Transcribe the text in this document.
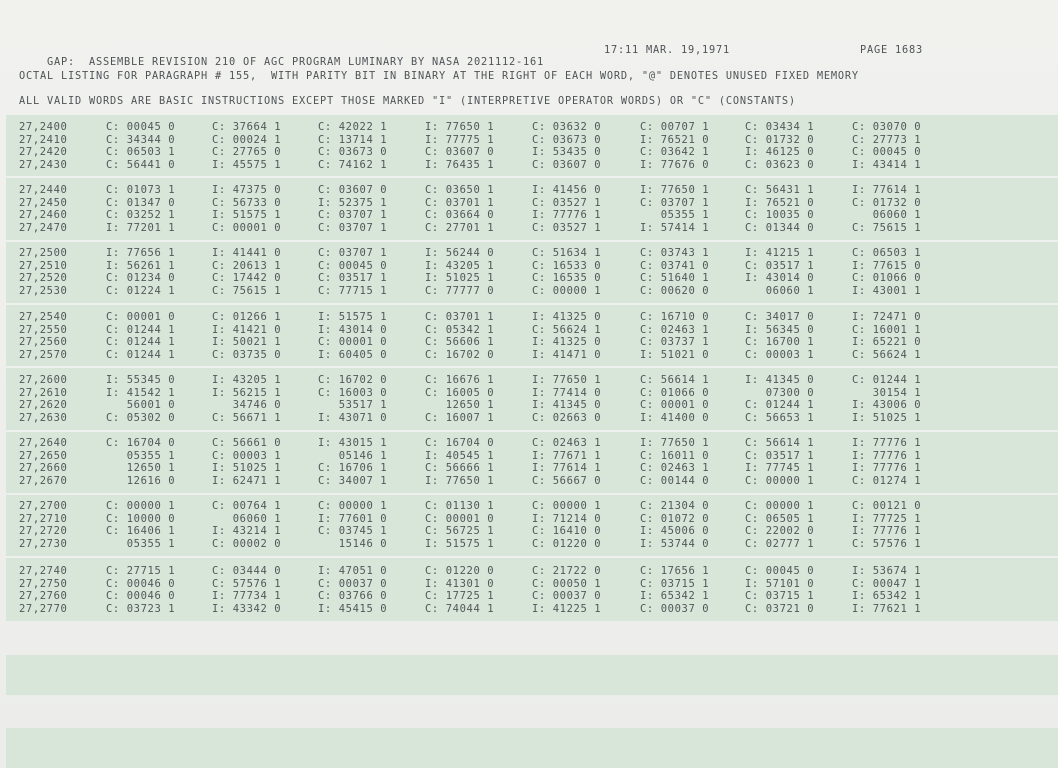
GAP:  ASSEMBLE REVISION 210 OF AGC PROGRAM LUMINARY BY NASA 2021112-161

17:11 MAR. 19,1971	PAGE 1683
OCTAL LISTING FOR PARAGRAPH # 155,  WITH PARITY BIT IN BINARY AT THE RIGHT OF EACH WORD, "@" DENOTES UNUSED FIXED MEMORY
ALL VALID WORDS ARE BASIC INSTRUCTIONS EXCEPT THOSE MARKED "I" (INTERPRETIVE OPERATOR WORDS) OR "C" (CONSTANTS)
27,2400	C: 00045 0	C: 37664 1	C: 42022 1	I: 77650 1	C: 03632 0	C: 00707 1	C: 03434 1	C: 03070 0
27,2410	C: 34344 0	C: 00024 1	C: 13714 1	I: 77775 1	C: 03673 0	I: 76521 0	C: 01732 0	C: 27773 1
27,2420	C: 06503 1	C: 27765 0	C: 03673 0	C: 03607 0	I: 53435 0	C: 03642 1	I: 46125 0	C: 00045 0
27,2430	C: 56441 0	I: 45575 1	C: 74162 1	I: 76435 1	C: 03607 0	I: 77676 0	C: 03623 0	I: 43414 1
27,2440	C: 01073 1	I: 47375 0	C: 03607 0	C: 03650 1	I: 41456 0	I: 77650 1	C: 56431 1	I: 77614 1
27,2450	C: 01347 0	C: 56733 0	I: 52375 1	C: 03701 1	C: 03527 1	C: 03707 1	I: 76521 0	C: 01732 0
27,2460	C: 03252 1	I: 51575 1	C: 03707 1	C: 03664 0	I: 77776 1	05355 1	C: 10035 0	06060 1
27,2470	I: 77201 1	C: 00001 0	C: 03707 1	C: 27701 1	C: 03527 1	I: 57414 1	C: 01344 0	C: 75615 1
27,2500	I: 77656 1	I: 41441 0	C: 03707 1	I: 56244 0	C: 51634 1	C: 03743 1	I: 41215 1	C: 06503 1
27,2510	I: 56261 1	C: 20613 1	C: 00045 0	I: 43205 1	C: 16533 0	C: 03741 0	C: 03517 1	I: 77615 0
27,2520	C: 01234 0	C: 17442 0	C: 03517 1	I: 51025 1	C: 16535 0	C: 51640 1	I: 43014 0	C: 01066 0
27,2530	C: 01224 1	C: 75615 1	C: 77715 1	C: 77777 0	C: 00000 1	C: 00620 0	06060 1	I: 43001 1
27,2540	C: 00001 0	C: 01266 1	I: 51575 1	C: 03701 1	I: 41325 0	C: 16710 0	C: 34017 0	I: 72471 0
27,2550	C: 01244 1	I: 41421 0	I: 43014 0	C: 05342 1	C: 56624 1	C: 02463 1	I: 56345 0	C: 16001 1
27,2560	C: 01244 1	I: 50021 1	C: 00001 0	C: 56606 1	I: 41325 0	C: 03737 1	C: 16700 1	I: 65221 0
27,2570	C: 01244 1	C: 03735 0	I: 60405 0	C: 16702 0	I: 41471 0	I: 51021 0	C: 00003 1	C: 56624 1
27,2600	I: 55345 0	I: 43205 1	C: 16702 0	C: 16676 1	I: 77650 1	C: 56614 1	I: 41345 0	C: 01244 1
27,2610	I: 41542 1	I: 56215 1	C: 16003 0	C: 16005 0	I: 77414 0	C: 01066 0	07300 0	30154 1
27,2620	56001 0	34746 0	53517 1	12650 1	I: 41345 0	C: 00001 0	C: 01244 1	I: 43006 0
27,2630	C: 05302 0	C: 56671 1	I: 43071 0	C: 16007 1	C: 02663 0	I: 41400 0	C: 56653 1	I: 51025 1
27,2640	C: 16704 0	C: 56661 0	I: 43015 1	C: 16704 0	C: 02463 1	I: 77650 1	C: 56614 1	I: 77776 1
27,2650	05355 1	C: 00003 1	05146 1	I: 40545 1	I: 77671 1	C: 16011 0	C: 03517 1	I: 77776 1
27,2660	12650 1	I: 51025 1	C: 16706 1	C: 56666 1	I: 77614 1	C: 02463 1	I: 77745 1	I: 77776 1
27,2670	12616 0	I: 62471 1	C: 34007 1	I: 77650 1	C: 56667 0	C: 00144 0	C: 00000 1	C: 01274 1
27,2700	C: 00000 1	C: 00764 1	C: 00000 1	C: 01130 1	C: 00000 1	C: 21304 0	C: 00000 1	C: 00121 0
27,2710	C: 10000 0	06060 1	I: 77601 0	C: 00001 0	I: 71214 0	C: 01072 0	C: 06505 1	I: 77725 1
27,2720	C: 16406 1	I: 43214 1	C: 03745 1	C: 56725 1	C: 16410 0	I: 45006 0	C: 22002 0	I: 77776 1
27,2730	05355 1	C: 00002 0	15146 0	I: 51575 1	C: 01220 0	I: 53744 0	C: 02777 1	C: 57576 1
27,2740	C: 27715 1	C: 03444 0	I: 47051 0	C: 01220 0	C: 21722 0	C: 17656 1	C: 00045 0	I: 53674 1
27,2750	C: 00046 0	C: 57576 1	C: 00037 0	I: 41301 0	C: 00050 1	C: 03715 1	I: 57101 0	C: 00047 1
27,2760	C: 00046 0	I: 77734 1	C: 03766 0	C: 17725 1	C: 00037 0	I: 65342 1	C: 03715 1	I: 65342 1
27,2770	C: 03723 1	I: 43342 0	I: 45415 0	C: 74044 1	I: 41225 1	C: 00037 0	C: 03721 0	I: 77621 1
